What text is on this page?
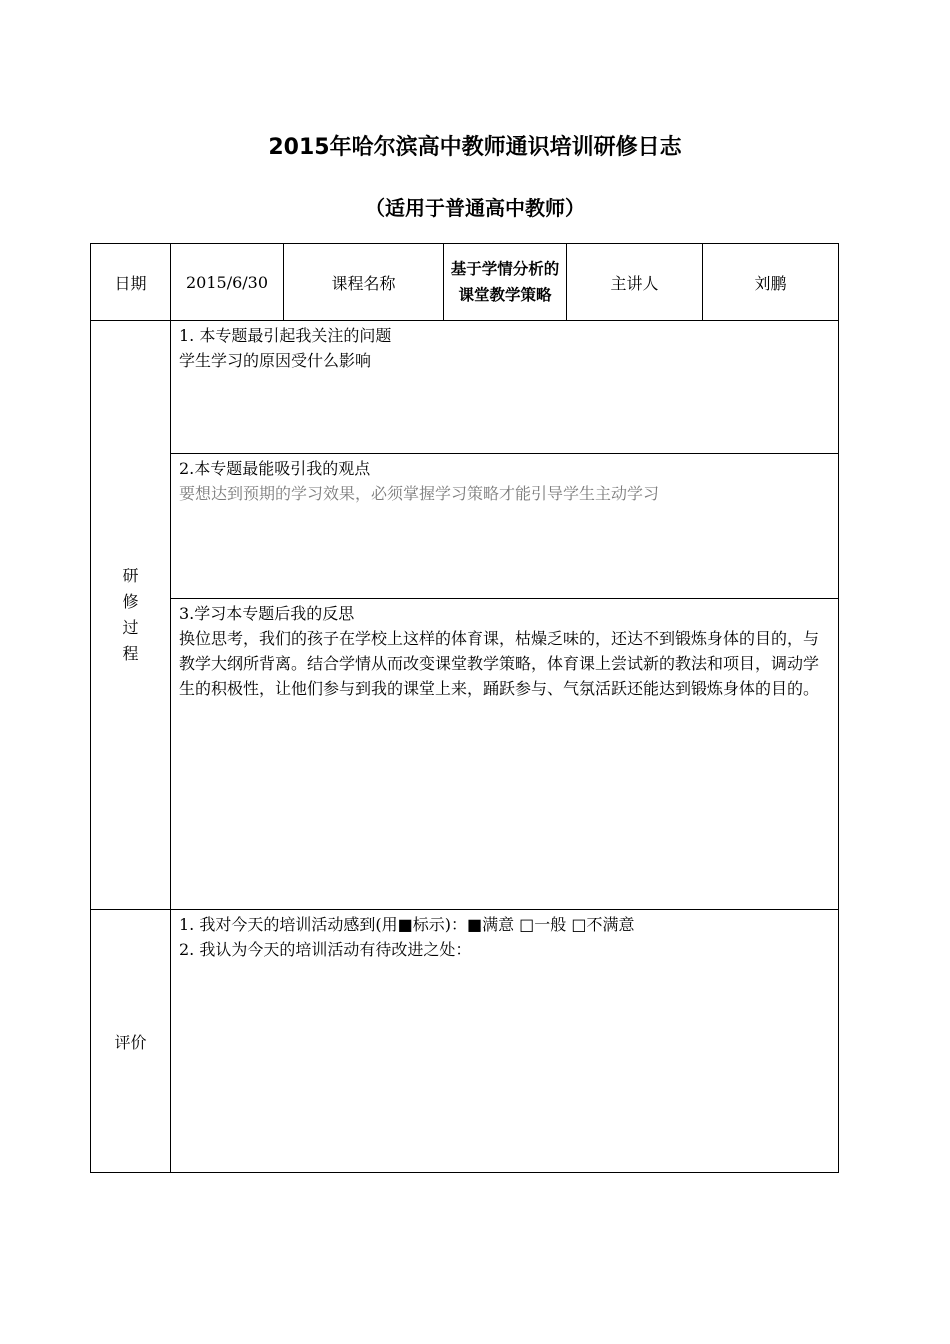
2015年哈尔滨高中教师通识培训研修日志
（适用于普通高中教师）
日期	2015/6/30	课程名称	基于学情分析的课堂教学策略	主讲人	刘鹏

研修过程	1. 本专题最引起我关注的问题
学生学习的原因受什么影响				

	2.本专题最能吸引我的观点
要想达到预期的学习效果，必须掌握学习策略才能引导学生主动学习				

	3.学习本专题后我的反思
换位思考，我们的孩子在学校上这样的体育课，枯燥乏味的，还达不到锻炼身体的目的，与教学大纲所背离。结合学情从而改变课堂教学策略，体育课上尝试新的教法和项目，调动学生的积极性，让他们参与到我的课堂上来，踊跃参与、气氛活跃还能达到锻炼身体的目的。				

评价	1. 我对今天的培训活动感到(用■标示)：■满意 □一般 □不满意
2. 我认为今天的培训活动有待改进之处：				
